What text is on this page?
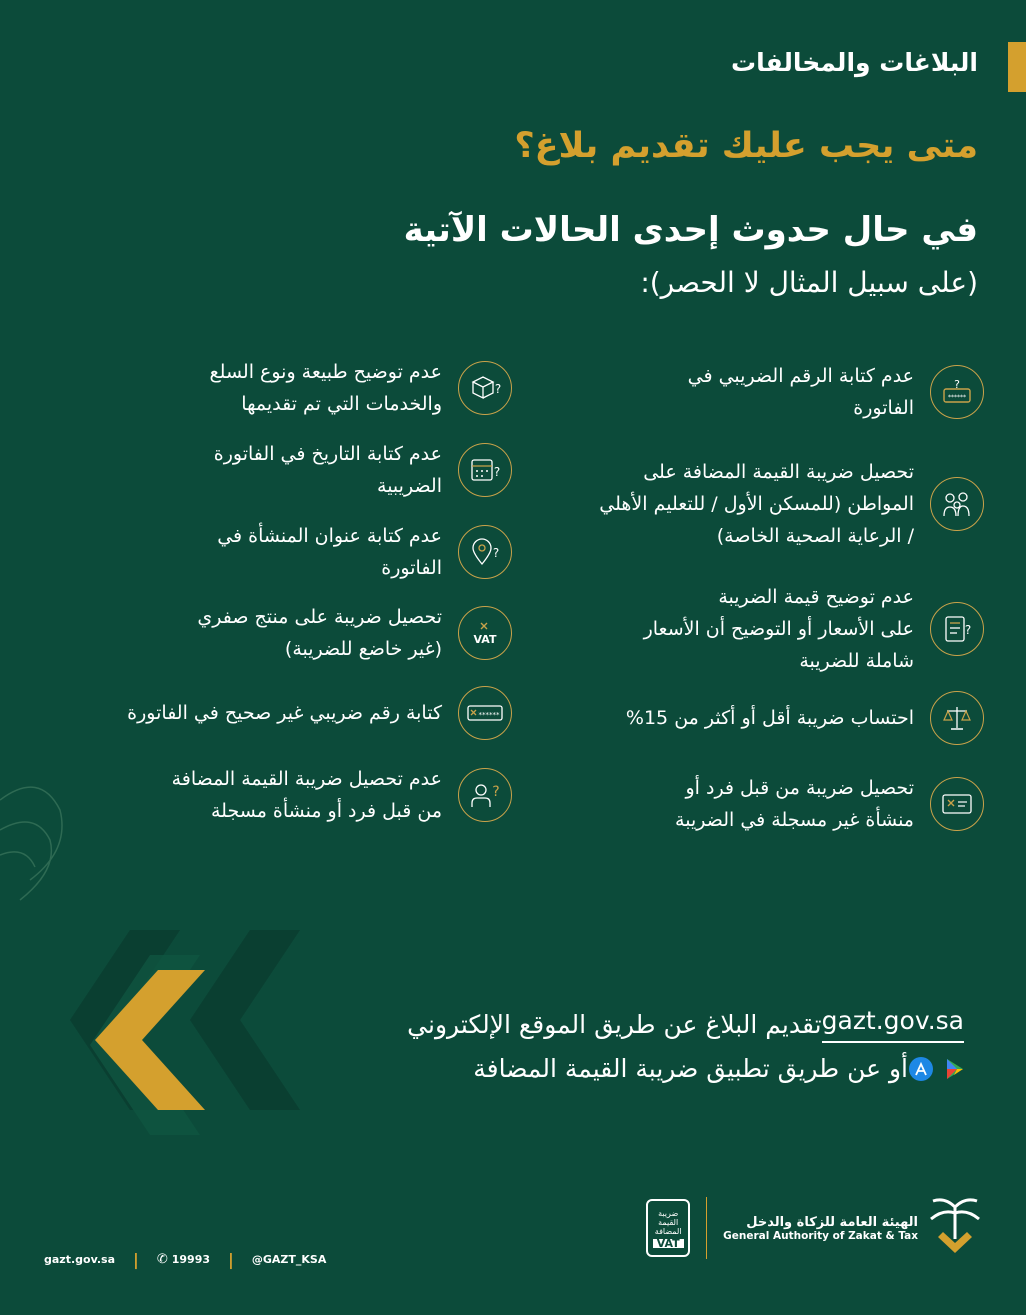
البلاغات والمخالفات
متى يجب عليك تقديم بلاغ؟
في حال حدوث إحدى الحالات الآتية
(على سبيل المثال لا الحصر):
?
******
عدم كتابة الرقم الضريبي في
الفاتورة
تحصيل ضريبة القيمة المضافة على
المواطن (للمسكن الأول / للتعليم الأهلي
/ الرعاية الصحية الخاصة)
?
عدم توضيح قيمة الضريبة
على الأسعار أو التوضيح أن الأسعار
شاملة للضريبة
احتساب ضريبة أقل أو أكثر من 15%
تحصيل ضريبة من قبل فرد أو
منشأة غير مسجلة في الضريبة
?
عدم توضيح طبيعة ونوع السلع
والخدمات التي تم تقديمها
?
عدم كتابة التاريخ في الفاتورة
الضريبية
?
عدم كتابة عنوان المنشأة في
الفاتورة
VAT
تحصيل ضريبة على منتج صفري
(غير خاضع للضريبة)
******
كتابة رقم ضريبي غير صحيح في الفاتورة
?
عدم تحصيل ضريبة القيمة المضافة
من قبل فرد أو منشأة مسجلة
تقديم البلاغ عن طريق الموقع الإلكتروني gazt.gov.sa
أو عن طريق تطبيق ضريبة القيمة المضافة
gazt.gov.sa | ✆ 19993 | @GAZT_KSA
الهيئة العامة للزكاة والدخل
General Authority of Zakat & Tax
ضريبة
القيمة
المضافة
VAT
